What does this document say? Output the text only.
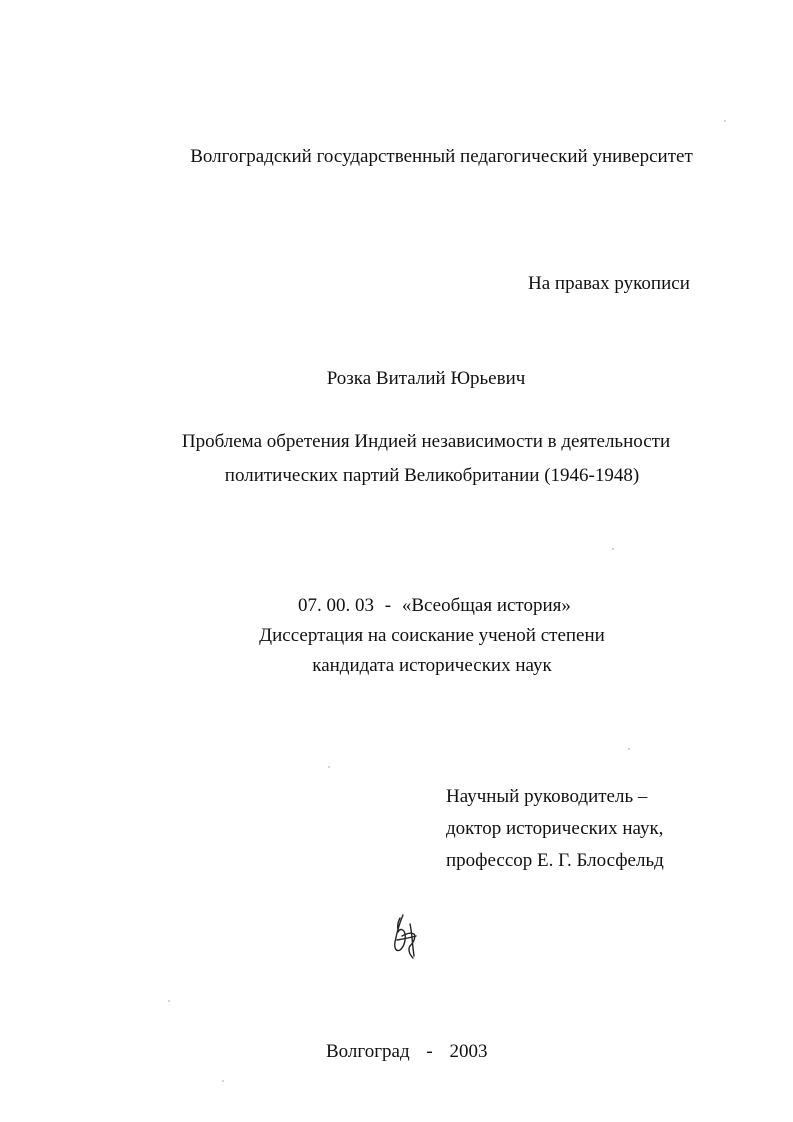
Волгоградский государственный педагогический университет
На правах рукописи
Розка Виталий Юрьевич
Проблема обретения Индией независимости в деятельности
политических партий Великобритании (1946-1948)
07. 00. 03 - «Всеобщая история»
Диссертация на соискание ученой степени
кандидата исторических наук
Научный руководитель –
доктор исторических наук,
профессор Е. Г. Блосфельд
Волгоград - 2003
